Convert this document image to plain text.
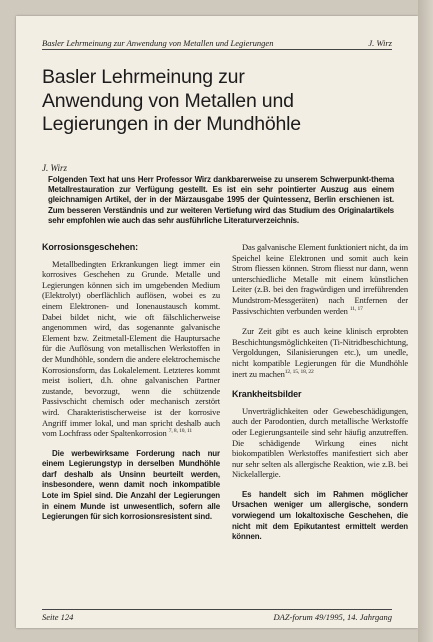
Basler Lehrmeinung zur Anwendung von Metallen und Legierungen	J. Wirz
Basler Lehrmeinung zur
Anwendung von Metallen und
Legierungen in der Mundhöhle
J. Wirz
Folgenden Text hat uns Herr Professor Wirz dankbarerweise zu unserem Schwerpunkt-thema Metallrestauration zur Verfügung gestellt. Es ist ein sehr pointierter Auszug aus einem gleichnamigen Artikel, der in der Märzausgabe 1995 der Quintessenz, Berlin erschienen ist. Zum besseren Verständnis und zur weiteren Vertiefung wird das Studium des Originalartikels sehr empfohlen wie auch das sehr ausführliche Literaturverzeichnis.
Korrosionsgeschehen:

Metallbedingten Erkrankungen liegt immer ein korrosives Geschehen zu Grunde. Metalle und Legierungen können sich im umgebenden Medium (Elektrolyt) oberflächlich auflösen, wobei es zu einem Elektronen- und Ionenaustausch kommt. Dabei bildet nicht, wie oft fälschlicherweise angenommen wird, das sogenannte galvanische Element bzw. Zeitmetall-Element die Hauptursache für die Auflösung von metallischen Werkstoffen in der Mundhöhle, sondern die andere elektrochemische Korrosionsform, das Lokalelement. Letzteres kommt meist isoliert, d.h. ohne galvanischen Partner zustande, bevorzugt, wenn die schützende Passivschicht chemisch oder mechanisch zerstört wird. Charakteristischerweise ist der korrosive Angriff immer lokal, und man spricht deshalb auch vom Lochfrass oder Spaltenkorrosion $^{7, 8, 10, 11}$

Die werbewirksame Forderung nach nur einem Legierungstyp in derselben Mundhöhle darf deshalb als Unsinn beurteilt werden, insbesondere, wenn damit noch inkompatible Lote im Spiel sind. Die Anzahl der Legierungen in einem Munde ist unwesentlich, sofern alle Legierungen für sich korrosionsresistent sind.

Das galvanische Element funktioniert nicht, da im Speichel keine Elektronen und somit auch kein Strom fliessen können. Strom fliesst nur dann, wenn unterschiedliche Metalle mit einem künstlichen Leiter (z.B. bei den fragwürdigen und irreführenden Mundstrom-Messgeräten) nach Entfernen der Passivschichten verbunden werden $^{11, 17}$

Zur Zeit gibt es auch keine klinisch erprobten Beschichtungsmöglichkeiten (Ti-Nitridbeschichtung, Vergoldungen, Silanisierungen etc.), um unedle, nicht kompatible Legierungen für die Mundhöhle inert zu machen$^{12, 15, 18, 22}$

Krankheitsbilder

Unverträglichkeiten oder Gewebeschädigungen, auch der Parodontien, durch metallische Werkstoffe oder Legierungsanteile sind sehr häufig anzutreffen. Die schädigende Wirkung eines nicht biokompatiblen Werkstoffes manifestiert sich aber nur sehr selten als allergische Reaktion, wie z.B. bei Nickelallergie.

Es handelt sich im Rahmen möglicher Ursachen weniger um allergische, sondern vorwiegend um lokaltoxische Geschehen, die nicht mit dem Epikutantest ermittelt werden können.

Seite 124	DAZ-forum 49/1995, 14. Jahrgang
